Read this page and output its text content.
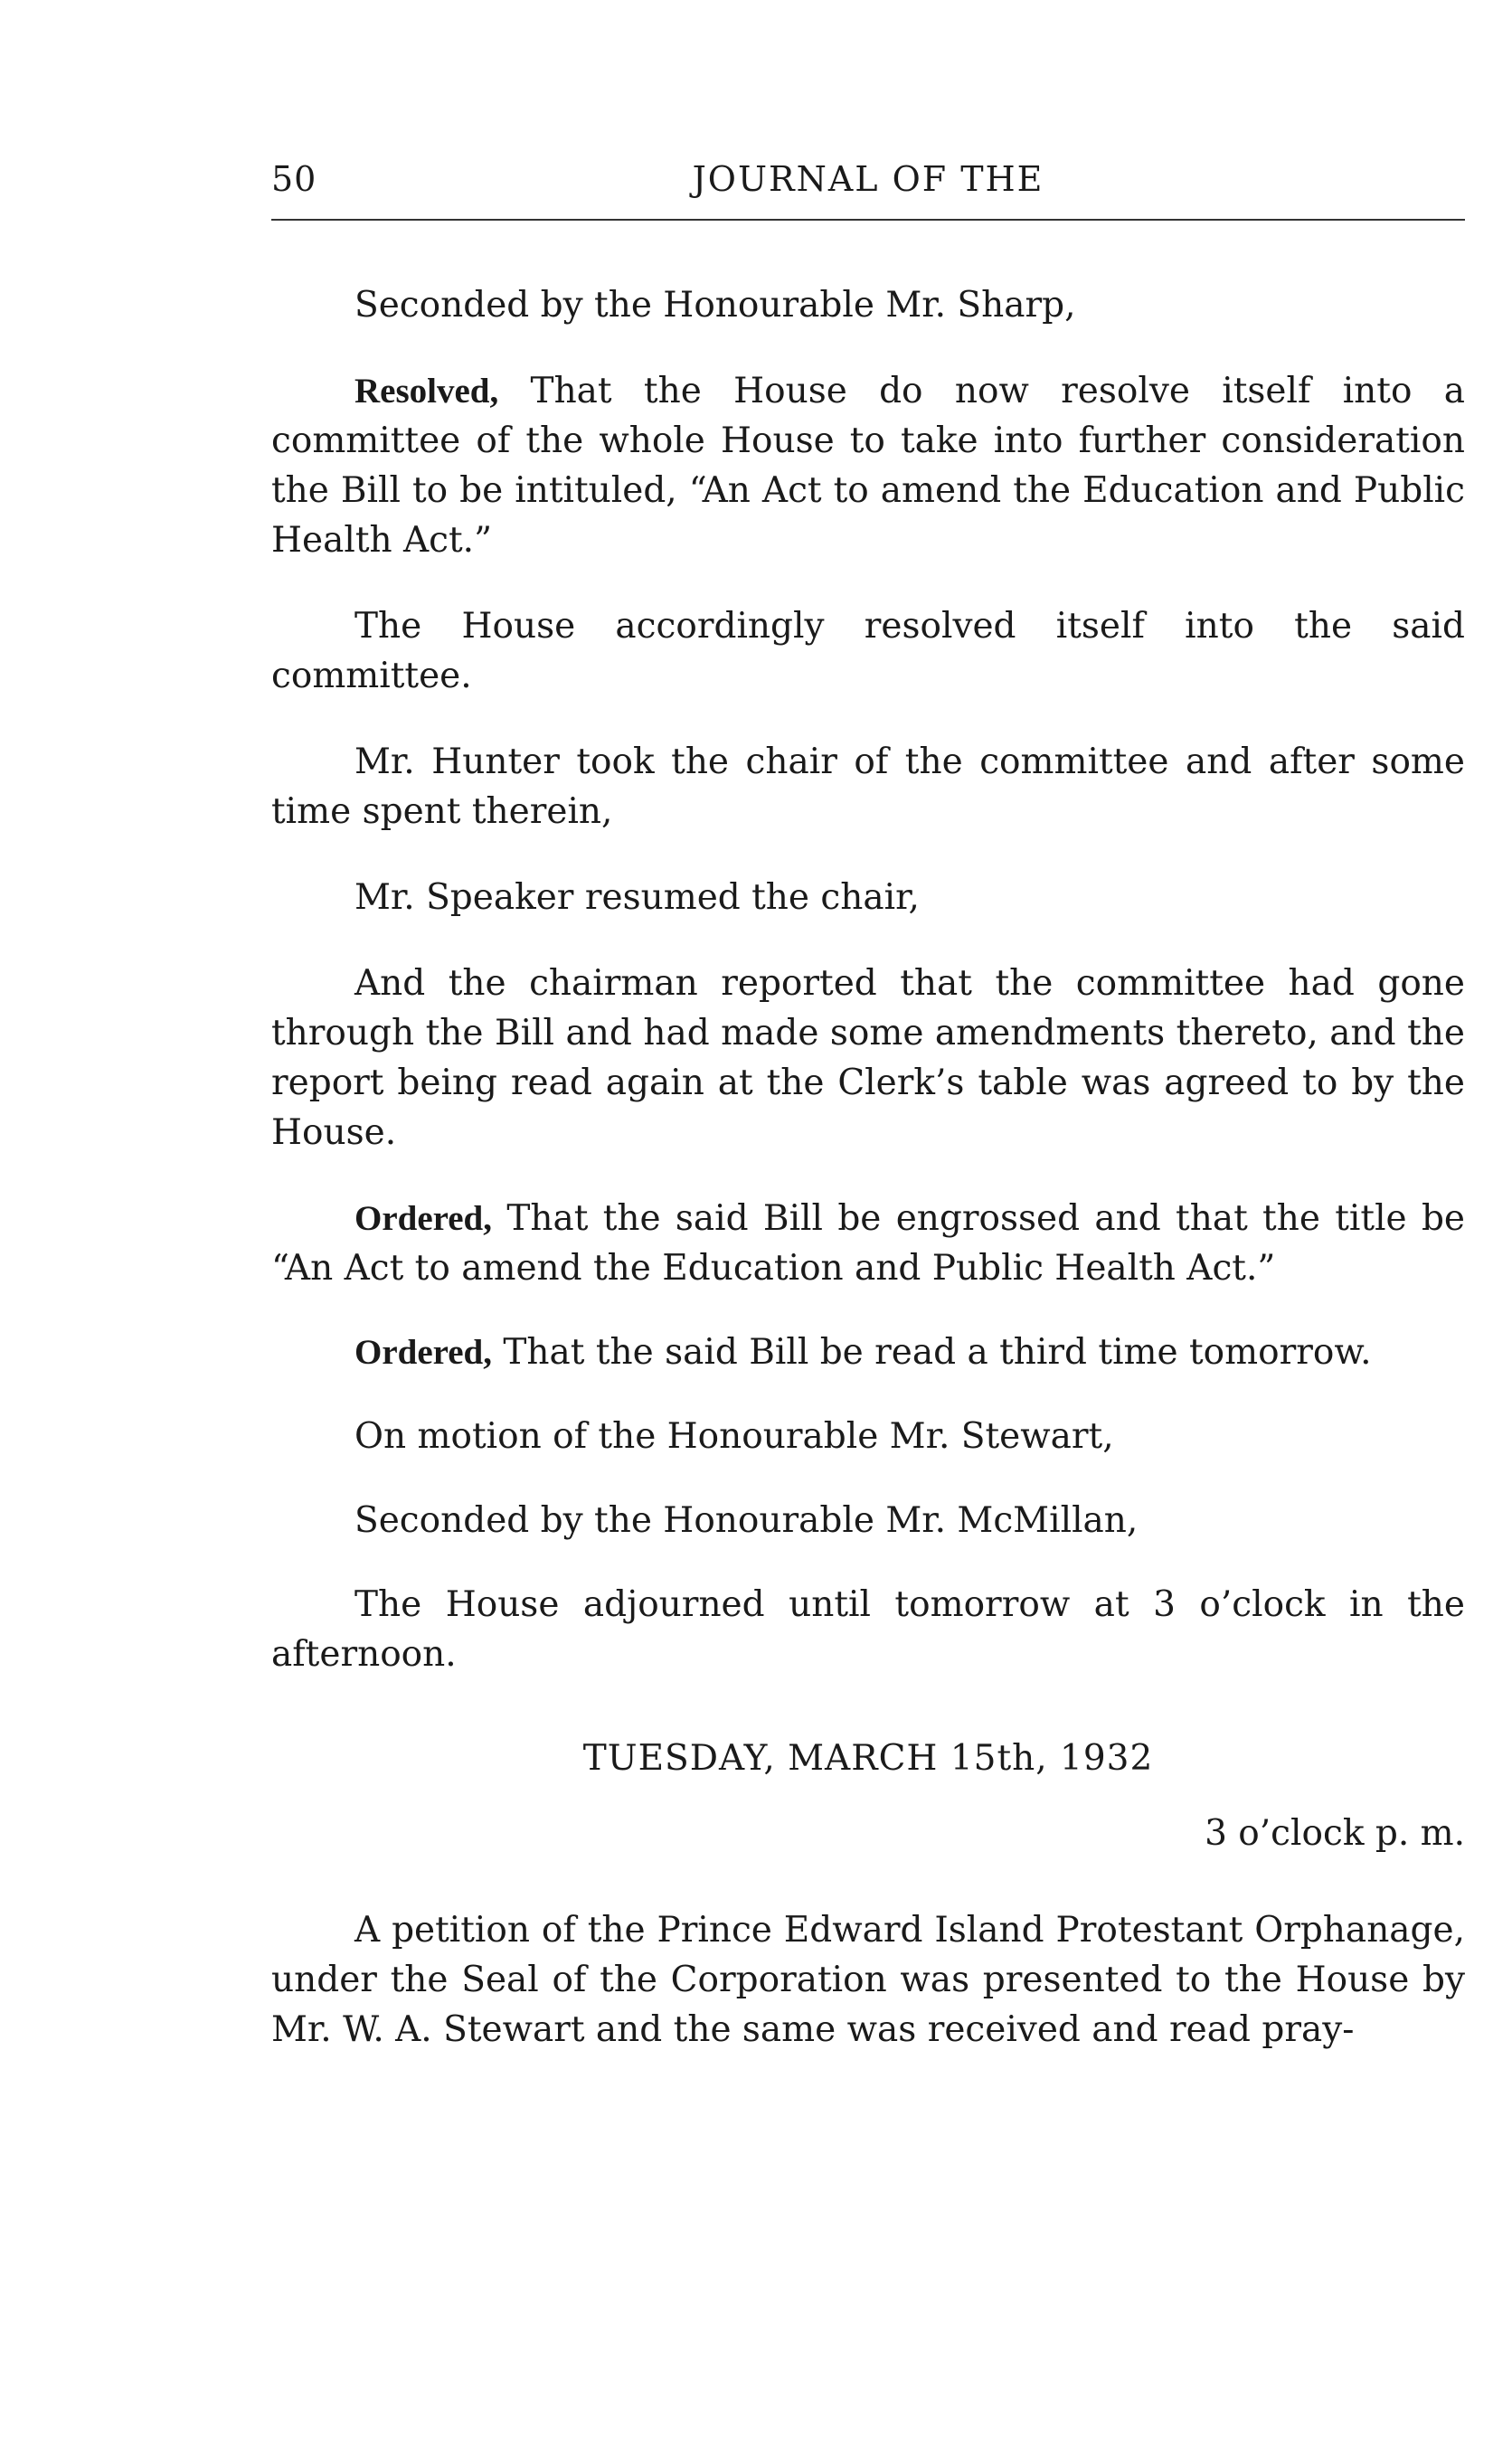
50	JOURNAL OF THE

Seconded by the Honourable Mr. Sharp,

Resolved, That the House do now resolve itself into a committee of the whole House to take into further consideration the Bill to be intituled, “An Act to amend the Education and Public Health Act.”

The House accordingly resolved itself into the said committee.

Mr. Hunter took the chair of the committee and after some time spent therein,

Mr. Speaker resumed the chair,

And the chairman reported that the committee had gone through the Bill and had made some amendments thereto, and the report being read again at the Clerk’s table was agreed to by the House.

Ordered, That the said Bill be engrossed and that the title be “An Act to amend the Education and Public Health Act.”

Ordered, That the said Bill be read a third time tomorrow.

On motion of the Honourable Mr. Stewart,

Seconded by the Honourable Mr. McMillan,

The House adjourned until tomorrow at 3 o’clock in the afternoon.

TUESDAY, MARCH 15th, 1932

3 o’clock p. m.

A petition of the Prince Edward Island Protestant Orphanage, under the Seal of the Corporation was presented to the House by Mr. W. A. Stewart and the same was received and read pray-
